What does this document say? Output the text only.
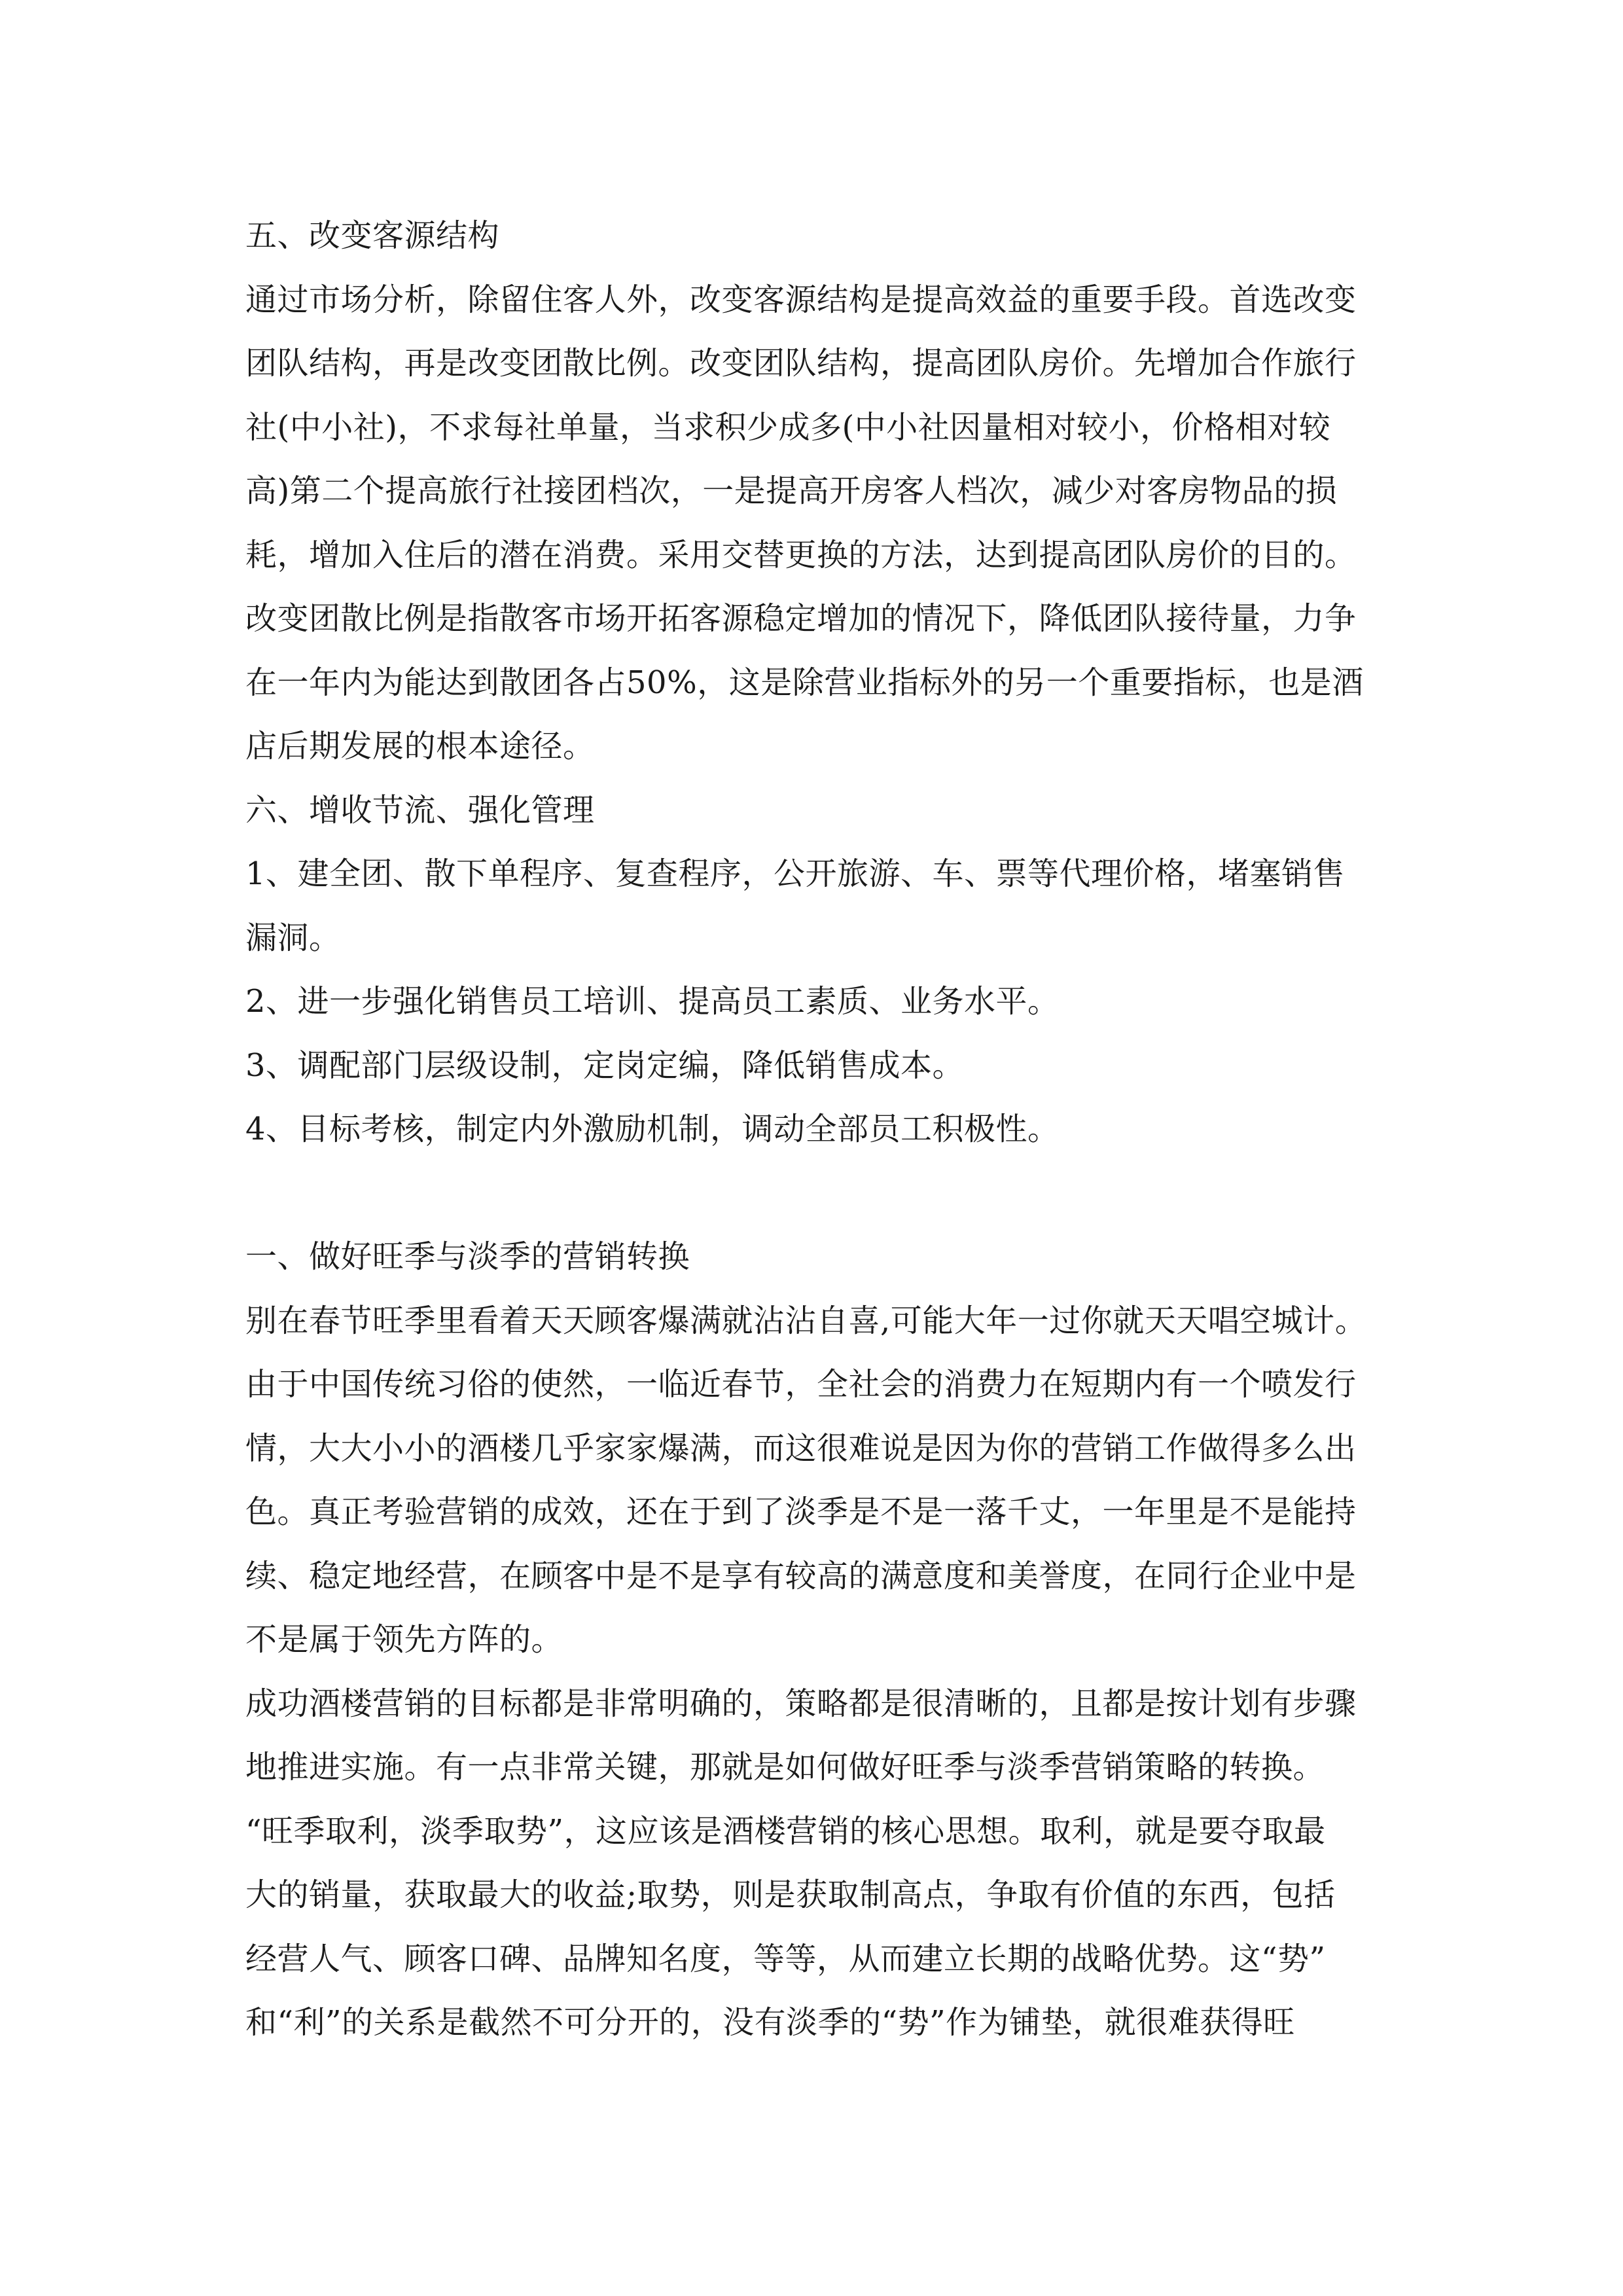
五、改变客源结构
通过市场分析，除留住客人外，改变客源结构是提高效益的重要手段。首选改变
团队结构，再是改变团散比例。改变团队结构，提高团队房价。先增加合作旅行
社(中小社)，不求每社单量，当求积少成多(中小社因量相对较小，价格相对较
高)第二个提高旅行社接团档次，一是提高开房客人档次，减少对客房物品的损
耗，增加入住后的潜在消费。采用交替更换的方法，达到提高团队房价的目的。
改变团散比例是指散客市场开拓客源稳定增加的情况下，降低团队接待量，力争
在一年内为能达到散团各占50%，这是除营业指标外的另一个重要指标，也是酒
店后期发展的根本途径。
六、增收节流、强化管理
1、建全团、散下单程序、复查程序，公开旅游、车、票等代理价格，堵塞销售
漏洞。
2、进一步强化销售员工培训、提高员工素质、业务水平。
3、调配部门层级设制，定岗定编，降低销售成本。
4、目标考核，制定内外激励机制，调动全部员工积极性。
一、做好旺季与淡季的营销转换
别在春节旺季里看着天天顾客爆满就沾沾自喜,可能大年一过你就天天唱空城计。
由于中国传统习俗的使然，一临近春节，全社会的消费力在短期内有一个喷发行
情，大大小小的酒楼几乎家家爆满，而这很难说是因为你的营销工作做得多么出
色。真正考验营销的成效，还在于到了淡季是不是一落千丈，一年里是不是能持
续、稳定地经营，在顾客中是不是享有较高的满意度和美誉度，在同行企业中是
不是属于领先方阵的。
成功酒楼营销的目标都是非常明确的，策略都是很清晰的，且都是按计划有步骤
地推进实施。有一点非常关键，那就是如何做好旺季与淡季营销策略的转换。
“旺季取利，淡季取势”，这应该是酒楼营销的核心思想。取利，就是要夺取最
大的销量，获取最大的收益;取势，则是获取制高点，争取有价值的东西，包括
经营人气、顾客口碑、品牌知名度，等等，从而建立长期的战略优势。这“势”
和“利”的关系是截然不可分开的，没有淡季的“势”作为铺垫，就很难获得旺
